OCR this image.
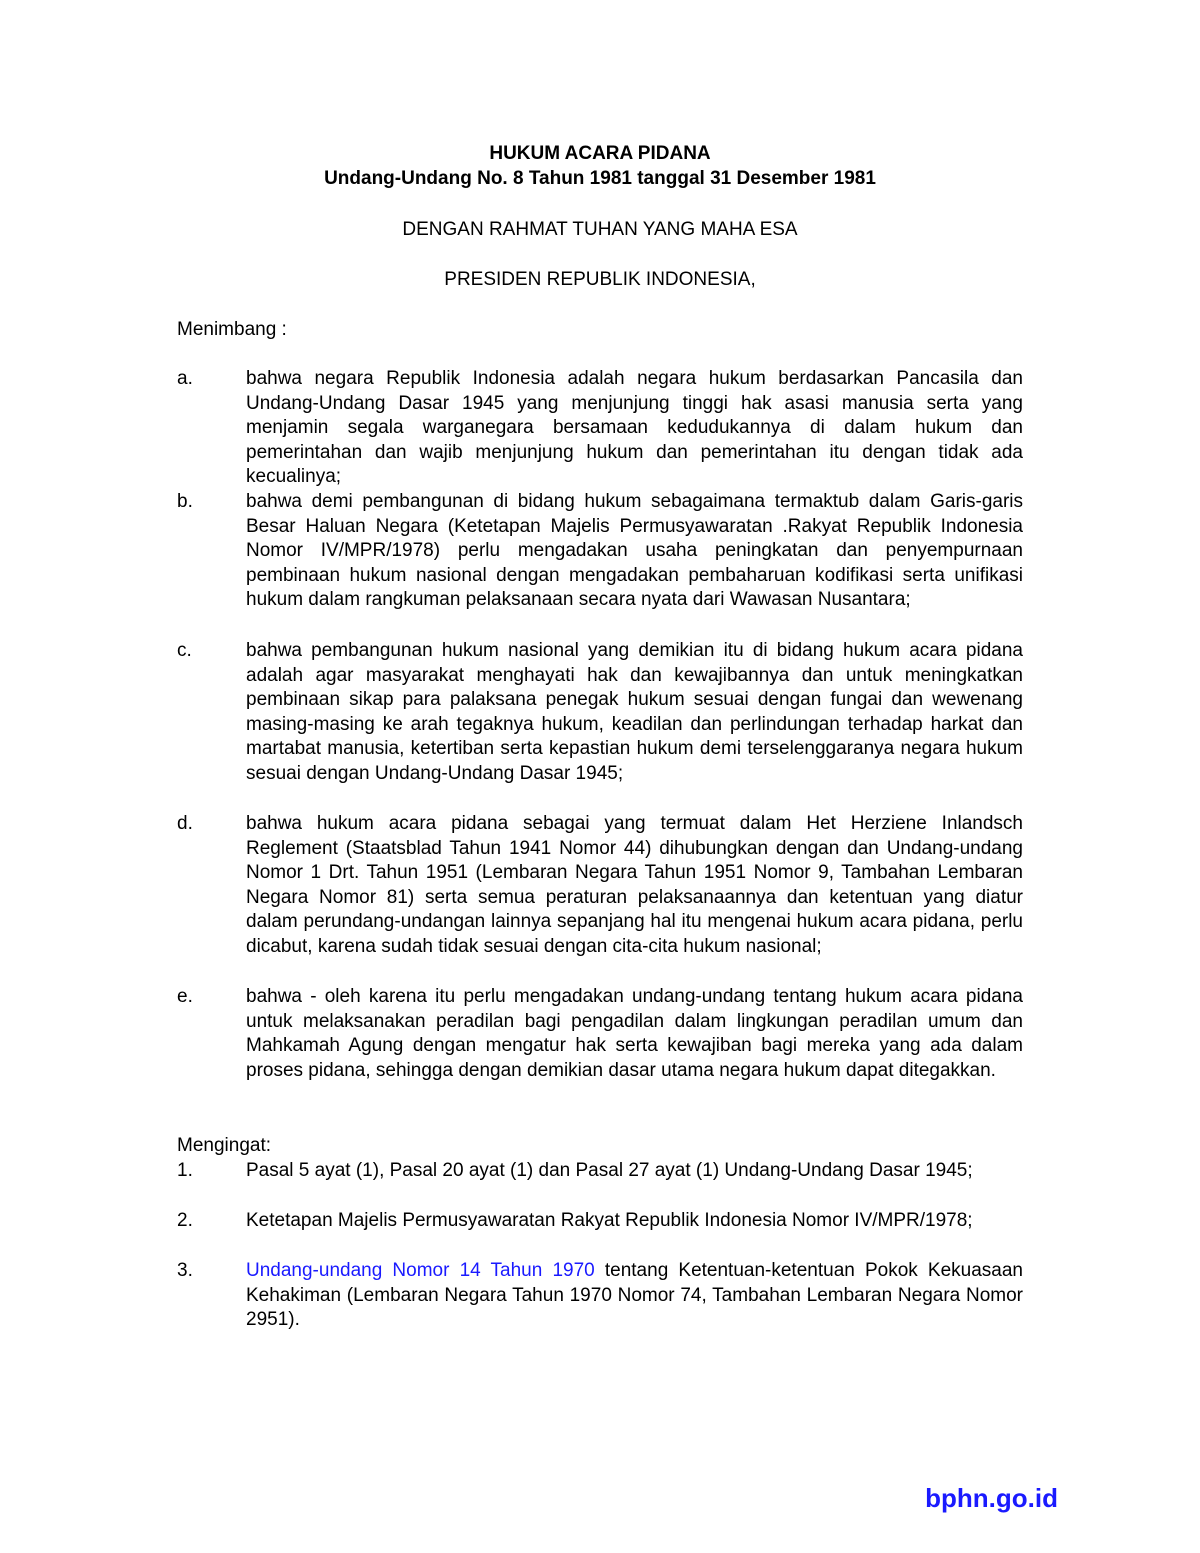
HUKUM ACARA PIDANA
Undang-Undang No. 8 Tahun 1981 tanggal 31 Desember 1981
DENGAN RAHMAT TUHAN YANG MAHA ESA
PRESIDEN REPUBLIK INDONESIA,
Menimbang :
a.	bahwa negara Republik Indonesia adalah negara hukum berdasarkan Pancasila dan Undang-Undang Dasar 1945 yang menjunjung tinggi hak asasi manusia serta yang menjamin segala warganegara bersamaan kedudukannya di dalam hukum dan pemerintahan dan wajib menjunjung hukum dan pemerintahan itu dengan tidak ada kecualinya;
b.	bahwa demi pembangunan di bidang hukum sebagaimana termaktub dalam Garis-garis Besar Haluan Negara (Ketetapan Majelis Permusyawaratan .Rakyat Republik Indonesia Nomor IV/MPR/1978) perlu mengadakan usaha peningkatan dan penyempurnaan pembinaan hukum nasional dengan mengadakan pembaharuan kodifikasi serta unifikasi hukum dalam rangkuman pelaksanaan secara nyata dari Wawasan Nusantara;
c.	bahwa pembangunan hukum nasional yang demikian itu di bidang hukum acara pidana adalah agar masyarakat menghayati hak dan kewajibannya dan untuk meningkatkan pembinaan sikap para palaksana penegak hukum sesuai dengan fungai dan wewenang masing-masing ke arah tegaknya hukum, keadilan dan perlindungan terhadap harkat dan martabat manusia, ketertiban serta kepastian hukum demi terselenggaranya negara hukum sesuai dengan Undang-Undang Dasar 1945;
d.	bahwa hukum acara pidana sebagai yang termuat dalam Het Herziene Inlandsch Reglement (Staatsblad Tahun 1941 Nomor 44) dihubungkan dengan dan Undang-undang Nomor 1 Drt. Tahun 1951 (Lembaran Negara Tahun 1951 Nomor 9, Tambahan Lembaran Negara Nomor 81) serta semua peraturan pelaksanaannya dan ketentuan yang diatur dalam perundang-undangan lainnya sepanjang hal itu mengenai hukum acara pidana, perlu dicabut, karena sudah tidak sesuai dengan cita-cita hukum nasional;
e.	bahwa - oleh karena itu perlu mengadakan undang-undang tentang hukum acara pidana untuk melaksanakan peradilan bagi pengadilan dalam lingkungan peradilan umum dan Mahkamah Agung dengan mengatur hak serta kewajiban bagi mereka yang ada dalam proses pidana, sehingga dengan demikian dasar utama negara hukum dapat ditegakkan.
Mengingat:
1.	Pasal 5 ayat (1), Pasal 20 ayat (1) dan Pasal 27 ayat (1) Undang-Undang Dasar 1945;
2.	Ketetapan Majelis Permusyawaratan Rakyat Republik Indonesia Nomor IV/MPR/1978;
3.	Undang-undang Nomor 14 Tahun 1970 tentang Ketentuan-ketentuan Pokok Kekuasaan Kehakiman (Lembaran Negara Tahun 1970 Nomor 74, Tambahan Lembaran Negara Nomor 2951).
bphn.go.id
